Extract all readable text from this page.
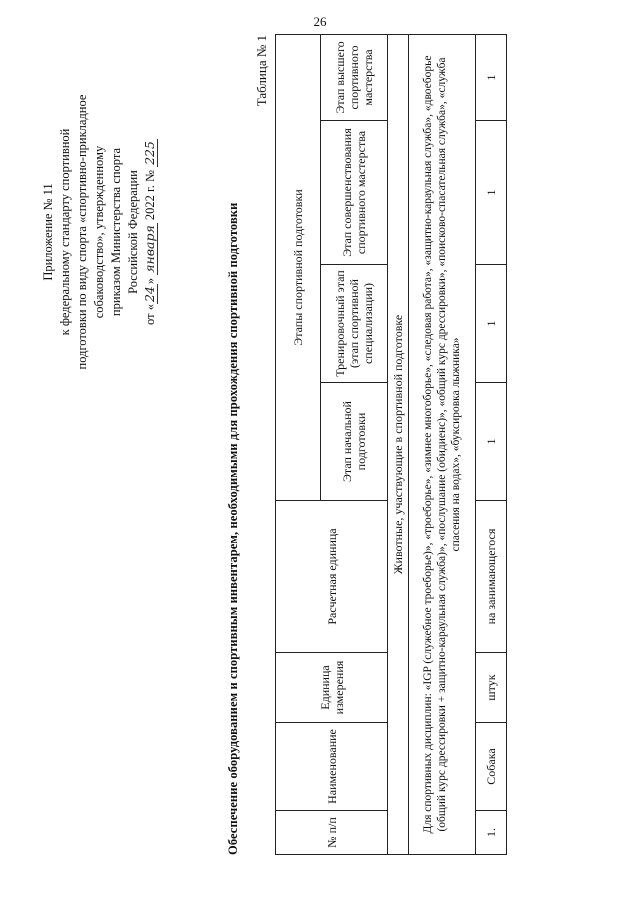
26
Приложение № 11 к федеральному стандарту спортивной подготовки по виду спорта «спортивно-прикладное собаководство», утвержденному приказом Министерства спорта Российской Федерации
от «24» января 2022 г. № 225
Обеспечение оборудованием и спортивным инвентарем, необходимыми для прохождения спортивной подготовки
Таблица № 1
№ п/п	Наименование	Единица измерения	Расчетная единица	Этапы спортивной подготовки			
				Этап начальной подготовки	Тренировочный этап (этап спортивной специализации)	Этап совершенствования спортивного мастерства	Этап высшего спортивного мастерства
Животные, участвующие в спортивной подготовке							
Для спортивных дисциплин: «IGP (служебное троеборье)», «троеборье», «зимнее многоборье», «следовая работа», «защитно-караульная служба», «двоеборье (общий курс дрессировки + защитно-караульная служба)», «послушание (обидиенс)», «общий курс дрессировки», «поисково-спасательная служба», «служба спасения на водах», «буксировка лыжника»							
1.	Собака	штук	на занимающегося	1	1	1	1
